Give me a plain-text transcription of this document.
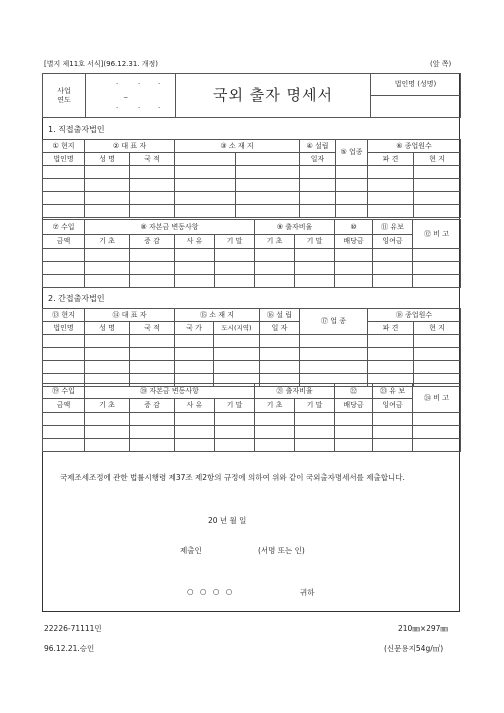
[별지 제11호 서식](96.12.31. 개정)	(앞 쪽)
사업
연도	
·	·	·
_
·	·	·
	국외 출자 명세서	법인명 (성명)

1. 직접출자법인
① 현지	② 대 표 자		③ 소 재 지		④ 설립	⑤ 업종	⑥ 종업원수	
법인명	성 명	국 적			일자		파 견	현 지

⑦ 수입	⑧ 자본금 변동사항				⑨ 출자비율		⑩	⑪ 유보	⑫ 비 고
금액	기 초	증 감	사 유	기 말	기 초	기 말	배당금	잉여금	

2. 간접출자법인
⑬ 현지	⑭ 대 표 자		⑮ 소 재 지		⑯ 설 립	⑰ 업 종	⑱ 종업원수	
법인명	성 명	국 적	국 가	도시(지역)	일 자		파 견	현 지

⑲ 수입	⑳ 자본금 변동사항				㉑ 출자비율		㉒	㉓ 유 보	㉔ 비 고
금액	기 초	증 감	사 유	기 말	기 초	기 말	배당금	잉여금	

국제조세조정에 관한 법률시행령 제37조 제2항의 규정에 의하여 위와 같이 국외출자명세서를 제출합니다.
20 년 월 일
제출인	(서명 또는 인)
○ ○ ○ ○	귀하
22226-71111민
96.12.21.승인
210㎜×297㎜
(신문용지54g/㎡)
